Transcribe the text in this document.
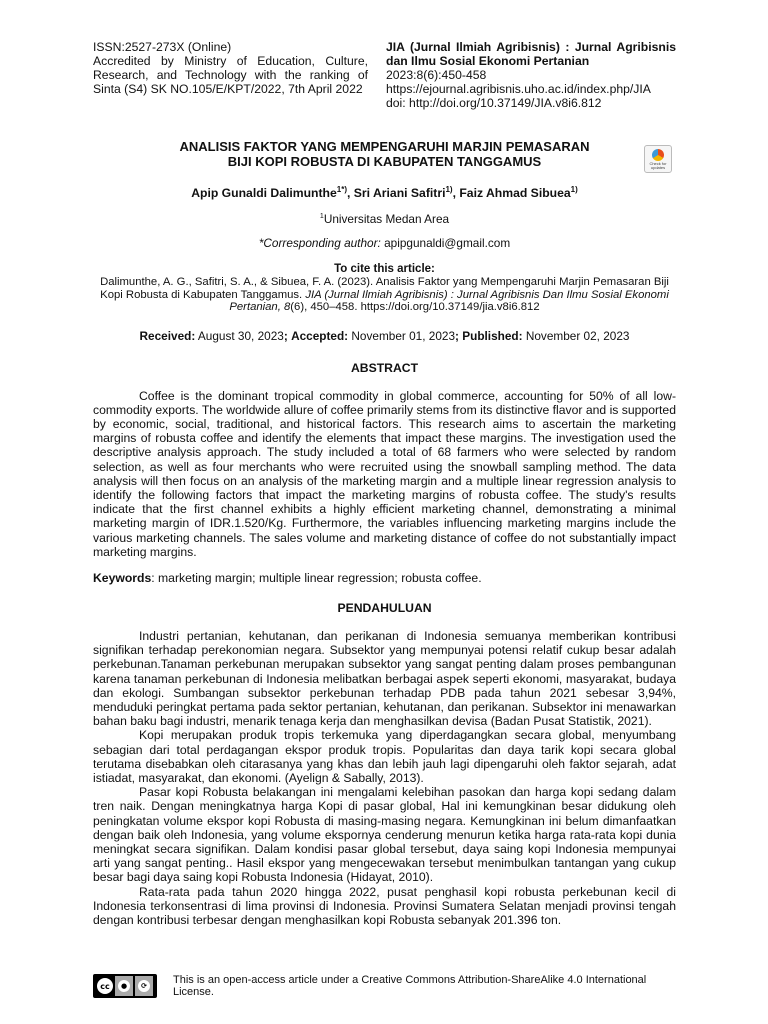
ISSN:2527-273X (Online)
Accredited by Ministry of Education, Culture, Research, and Technology with the ranking of Sinta (S4) SK NO.105/E/KPT/2022, 7th April 2022
JIA (Jurnal Ilmiah Agribisnis) : Jurnal Agribisnis dan Ilmu Sosial Ekonomi Pertanian
2023:8(6):450-458
https://ejournal.agribisnis.uho.ac.id/index.php/JIA
doi: http://doi.org/10.37149/JIA.v8i6.812
ANALISIS FAKTOR YANG MEMPENGARUHI MARJIN PEMASARAN
BIJI KOPI ROBUSTA DI KABUPATEN TANGGAMUS	Check for updates
Apip Gunaldi Dalimunthe$^{1*)}$, Sri Ariani Safitri$^{1)}$, Faiz Ahmad Sibuea$^{1)}$
$^1$Universitas Medan Area
*Corresponding author: apipgunaldi@gmail.com
To cite this article:
Dalimunthe, A. G., Safitri, S. A., & Sibuea, F. A. (2023). Analisis Faktor yang Mempengaruhi Marjin Pemasaran Biji Kopi Robusta di Kabupaten Tanggamus. JIA (Jurnal Ilmiah Agribisnis) : Jurnal Agribisnis Dan Ilmu Sosial Ekonomi Pertanian, 8(6), 450–458. https://doi.org/10.37149/jia.v8i6.812
Received: August 30, 2023; Accepted: November 01, 2023; Published: November 02, 2023
ABSTRACT

Coffee is the dominant tropical commodity in global commerce, accounting for 50% of all low-commodity exports. The worldwide allure of coffee primarily stems from its distinctive flavor and is supported by economic, social, traditional, and historical factors. This research aims to ascertain the marketing margins of robusta coffee and identify the elements that impact these margins. The investigation used the descriptive analysis approach. The study included a total of 68 farmers who were selected by random selection, as well as four merchants who were recruited using the snowball sampling method. The data analysis will then focus on an analysis of the marketing margin and a multiple linear regression analysis to identify the following factors that impact the marketing margins of robusta coffee. The study's results indicate that the first channel exhibits a highly efficient marketing channel, demonstrating a minimal marketing margin of IDR.1.520/Kg. Furthermore, the variables influencing marketing margins include the various marketing channels. The sales volume and marketing distance of coffee do not substantially impact marketing margins.

Keywords: marketing margin; multiple linear regression; robusta coffee.
PENDAHULUAN

Industri pertanian, kehutanan, dan perikanan di Indonesia semuanya memberikan kontribusi signifikan terhadap perekonomian negara. Subsektor yang mempunyai potensi relatif cukup besar adalah perkebunan.Tanaman perkebunan merupakan subsektor yang sangat penting dalam proses pembangunan karena tanaman perkebunan di Indonesia melibatkan berbagai aspek seperti ekonomi, masyarakat, budaya dan ekologi. Sumbangan subsektor perkebunan terhadap PDB pada tahun 2021 sebesar 3,94%, menduduki peringkat pertama pada sektor pertanian, kehutanan, dan perikanan. Subsektor ini menawarkan bahan baku bagi industri, menarik tenaga kerja dan menghasilkan devisa (Badan Pusat Statistik, 2021).

Kopi merupakan produk tropis terkemuka yang diperdagangkan secara global, menyumbang sebagian dari total perdagangan ekspor produk tropis. Popularitas dan daya tarik kopi secara global terutama disebabkan oleh citarasanya yang khas dan lebih jauh lagi dipengaruhi oleh faktor sejarah, adat istiadat, masyarakat, dan ekonomi. (Ayelign & Sabally, 2013).

Pasar kopi Robusta belakangan ini mengalami kelebihan pasokan dan harga kopi sedang dalam tren naik. Dengan meningkatnya harga Kopi di pasar global, Hal ini kemungkinan besar didukung oleh peningkatan volume ekspor kopi Robusta di masing-masing negara. Kemungkinan ini belum dimanfaatkan dengan baik oleh Indonesia, yang volume ekspornya cenderung menurun ketika harga rata-rata kopi dunia meningkat secara signifikan. Dalam kondisi pasar global tersebut, daya saing kopi Indonesia mempunyai arti yang sangat penting.. Hasil ekspor yang mengecewakan tersebut menimbulkan tantangan yang cukup besar bagi daya saing kopi Robusta Indonesia (Hidayat, 2010).

Rata-rata pada tahun 2020 hingga 2022, pusat penghasil kopi robusta perkebunan kecil di Indonesia terkonsentrasi di lima provinsi di Indonesia. Provinsi Sumatera Selatan menjadi provinsi tengah dengan kontribusi terbesar dengan menghasilkan kopi Robusta sebanyak 201.396 ton.

cc	●	⟳ This is an open-access article under a Creative Commons Attribution-ShareAlike 4.0 International License.
